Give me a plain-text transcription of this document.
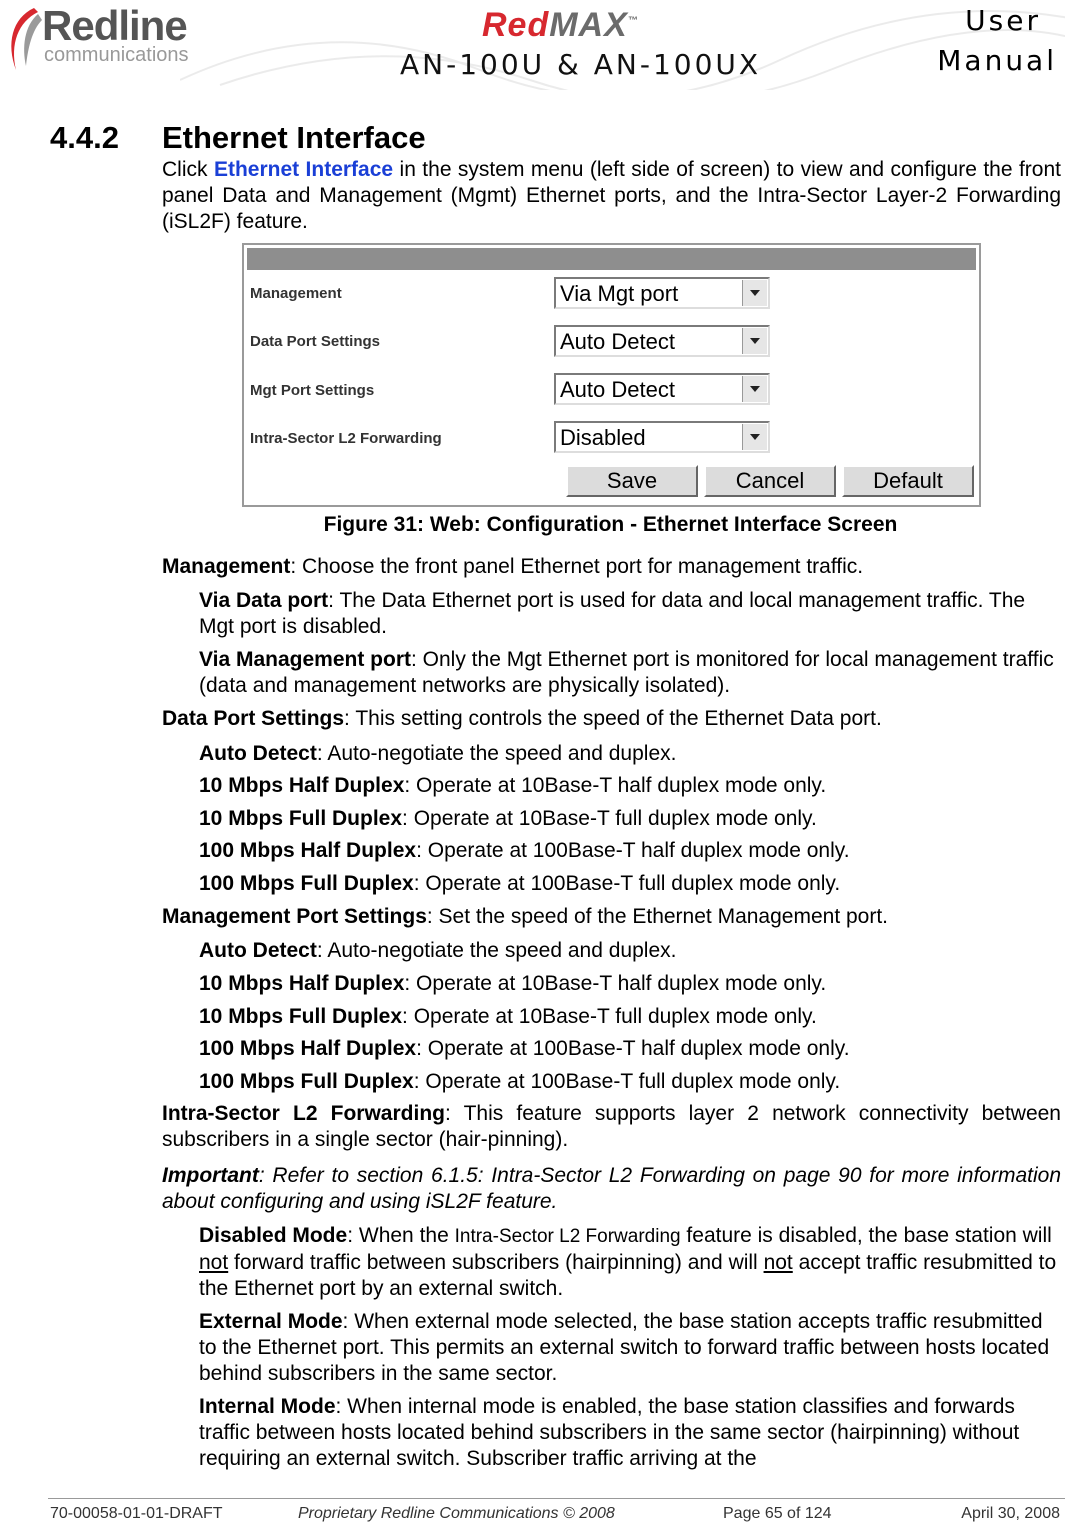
Redline
communications
RedMAX™
AN-100U & AN-100UX
User
Manual
4.4.2 Ethernet Interface
Click Ethernet Interface in the system menu (left side of screen) to view and configure the front panel Data and Management (Mgmt) Ethernet ports, and the Intra-Sector Layer-2 Forwarding (iSL2F) feature.
Management	Via Mgt port
Data Port Settings	Auto Detect
Mgt Port Settings	Auto Detect
Intra-Sector L2 Forwarding	Disabled
Save	Cancel	Default
Figure 31: Web: Configuration - Ethernet Interface Screen
Management: Choose the front panel Ethernet port for management traffic.
Via Data port: The Data Ethernet port is used for data and local management traffic. The Mgt port is disabled.
Via Management port: Only the Mgt Ethernet port is monitored for local management traffic (data and management networks are physically isolated).
Data Port Settings: This setting controls the speed of the Ethernet Data port.
Auto Detect: Auto-negotiate the speed and duplex.
10 Mbps Half Duplex: Operate at 10Base-T half duplex mode only.
10 Mbps Full Duplex: Operate at 10Base-T full duplex mode only.
100 Mbps Half Duplex: Operate at 100Base-T half duplex mode only.
100 Mbps Full Duplex: Operate at 100Base-T full duplex mode only.
Management Port Settings: Set the speed of the Ethernet Management port.
Auto Detect: Auto-negotiate the speed and duplex.
10 Mbps Half Duplex: Operate at 10Base-T half duplex mode only.
10 Mbps Full Duplex: Operate at 10Base-T full duplex mode only.
100 Mbps Half Duplex: Operate at 100Base-T half duplex mode only.
100 Mbps Full Duplex: Operate at 100Base-T full duplex mode only.
Intra-Sector L2 Forwarding: This feature supports layer 2 network connectivity between subscribers in a single sector (hair-pinning).
Important: Refer to section 6.1.5: Intra-Sector L2 Forwarding on page 90 for more information about configuring and using iSL2F feature.
Disabled Mode: When the Intra-Sector L2 Forwarding feature is disabled, the base station will not forward traffic between subscribers (hairpinning) and will not accept traffic resubmitted to the Ethernet port by an external switch.
External Mode: When external mode selected, the base station accepts traffic resubmitted to the Ethernet port. This permits an external switch to forward traffic between hosts located behind subscribers in the same sector.
Internal Mode: When internal mode is enabled, the base station classifies and forwards traffic between hosts located behind subscribers in the same sector (hairpinning) without requiring an external switch. Subscriber traffic arriving at the
70-00058-01-01-DRAFT	Proprietary Redline Communications © 2008	Page 65 of 124	April 30, 2008
